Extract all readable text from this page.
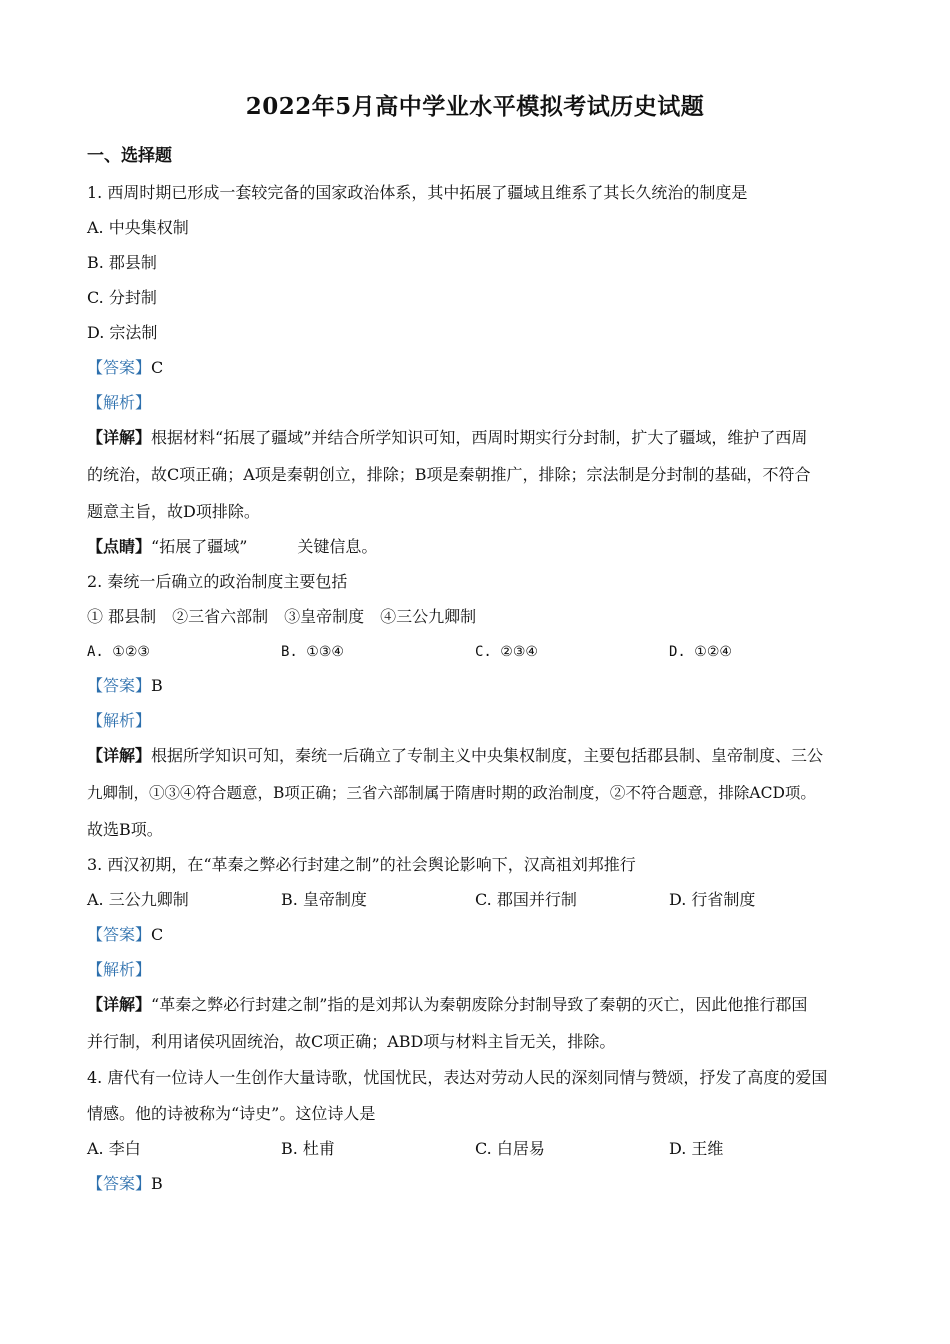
2022年5月高中学业水平模拟考试历史试题
一、选择题
1. 西周时期已形成一套较完备的国家政治体系，其中拓展了疆域且维系了其长久统治的制度是
A. 中央集权制
B. 郡县制
C. 分封制
D. 宗法制
【答案】C
【解析】
【详解】根据材料“拓展了疆域”并结合所学知识可知，西周时期实行分封制，扩大了疆域，维护了西周
的统治，故C项正确；A项是秦朝创立，排除；B项是秦朝推广，排除；宗法制是分封制的基础，不符合
题意主旨，故D项排除。
【点睛】“拓展了疆域”	关键信息。
2. 秦统一后确立的政治制度主要包括
① 郡县制　②三省六部制　③皇帝制度　④三公九卿制
A. ①②③	B. ①③④	C. ②③④	D. ①②④
【答案】B
【解析】
【详解】根据所学知识可知，秦统一后确立了专制主义中央集权制度，主要包括郡县制、皇帝制度、三公
九卿制，①③④符合题意，B项正确；三省六部制属于隋唐时期的政治制度，②不符合题意，排除ACD项。
故选B项。
3. 西汉初期，在“革秦之弊必行封建之制”的社会舆论影响下，汉高祖刘邦推行
A. 三公九卿制	B. 皇帝制度	C. 郡国并行制	D. 行省制度
【答案】C
【解析】
【详解】“革秦之弊必行封建之制”指的是刘邦认为秦朝废除分封制导致了秦朝的灭亡，因此他推行郡国
并行制，利用诸侯巩固统治，故C项正确；ABD项与材料主旨无关，排除。
4. 唐代有一位诗人一生创作大量诗歌，忧国忧民，表达对劳动人民的深刻同情与赞颂，抒发了高度的爱国
情感。他的诗被称为“诗史”。这位诗人是
A. 李白	B. 杜甫	C. 白居易	D. 王维
【答案】B
